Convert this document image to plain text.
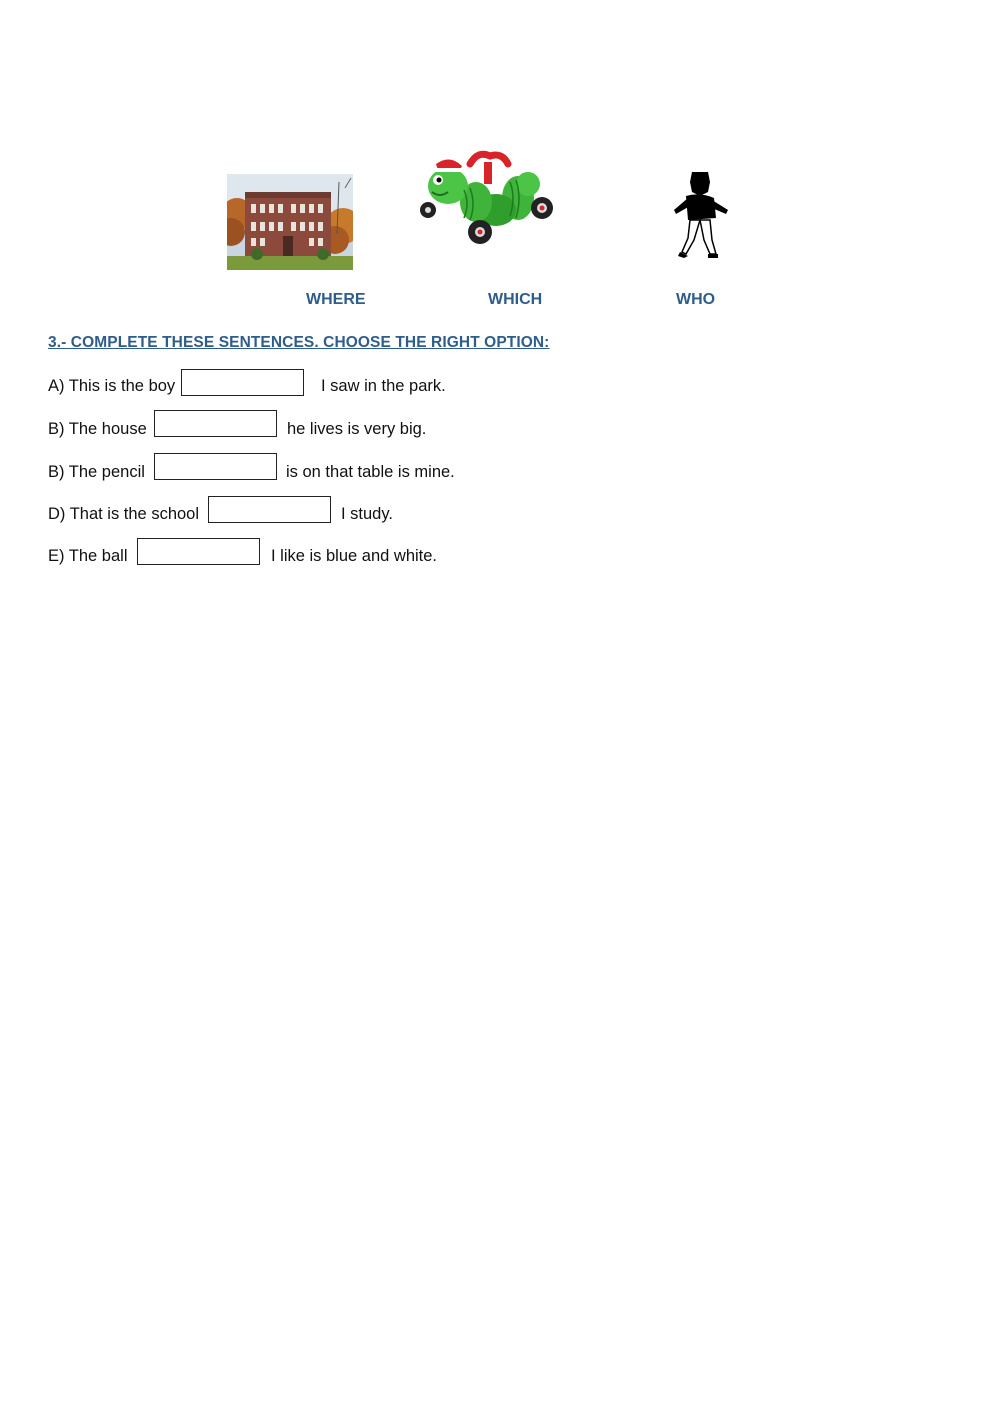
WHERE	WHICH	WHO
3.- COMPLETE THESE SENTENCES. CHOOSE THE RIGHT OPTION:
A) This is the boy	I saw in the park.
B) The house	he lives is very big.
B) The pencil	is on that table is mine.
D) That is the school	I study.
E) The ball	I like is blue and white.
